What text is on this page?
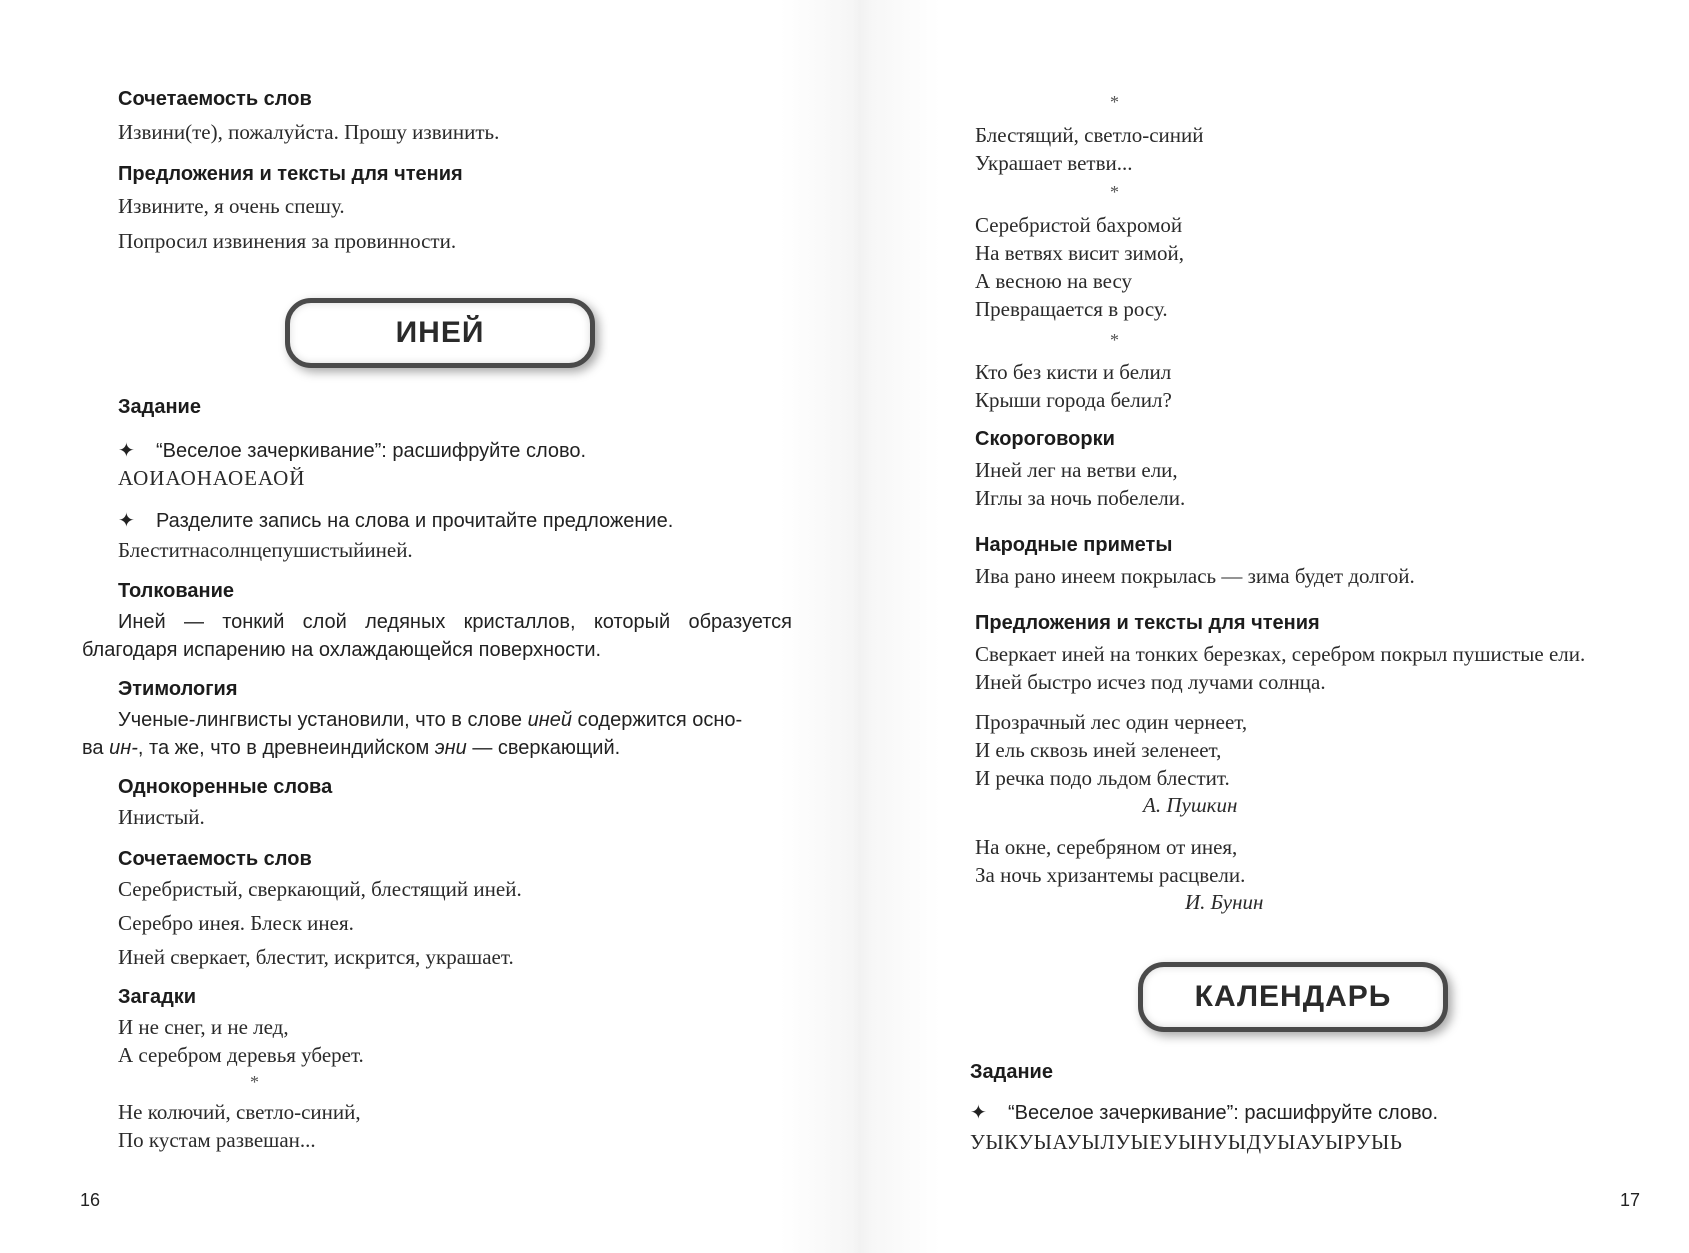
Сочетаемость слов
Извини(те), пожалуйста. Прошу извинить.
Предложения и тексты для чтения
Извините, я очень спешу.
Попросил извинения за провинности.
ИНЕЙ
Задание
✦ “Веселое зачеркивание”: расшифруйте слово.
АОИАОНАОЕАОЙ
✦ Разделите запись на слова и прочитайте предложение.
Блеститнасолнцепушистыйиней.
Толкование
Иней — тонкий слой ледяных кристаллов, который образуется благодаря испарению на охлаждающейся поверхности.
Этимология
Ученые-лингвисты установили, что в слове иней содержится осно-
ва ин-, та же, что в древнеиндийском эни — сверкающий.
Однокоренные слова
Инистый.
Сочетаемость слов
Серебристый, сверкающий, блестящий иней.
Серебро инея. Блеск инея.
Иней сверкает, блестит, искрится, украшает.
Загадки
И не снег, и не лед,
А серебром деревья уберет.
*
Не колючий, светло-синий,
По кустам развешан...
16
*
Блестящий, светло-синий
Украшает ветви...
*
Серебристой бахромой
На ветвях висит зимой,
А весною на весу
Превращается в росу.
*
Кто без кисти и белил
Крыши города белил?
Скороговорки
Иней лег на ветви ели,
Иглы за ночь побелели.
Народные приметы
Ива рано инеем покрылась — зима будет долгой.
Предложения и тексты для чтения
Сверкает иней на тонких березках, серебром покрыл пушистые ели.
Иней быстро исчез под лучами солнца.
Прозрачный лес один чернеет,
И ель сквозь иней зеленеет,
И речка подо льдом блестит.
А. Пушкин
На окне, серебряном от инея,
За ночь хризантемы расцвели.
И. Бунин
КАЛЕНДАРЬ
Задание
✦ “Веселое зачеркивание”: расшифруйте слово.
УЫКУЫАУЫЛУЫЕУЫНУЫДУЫАУЫРУЫЬ
17
